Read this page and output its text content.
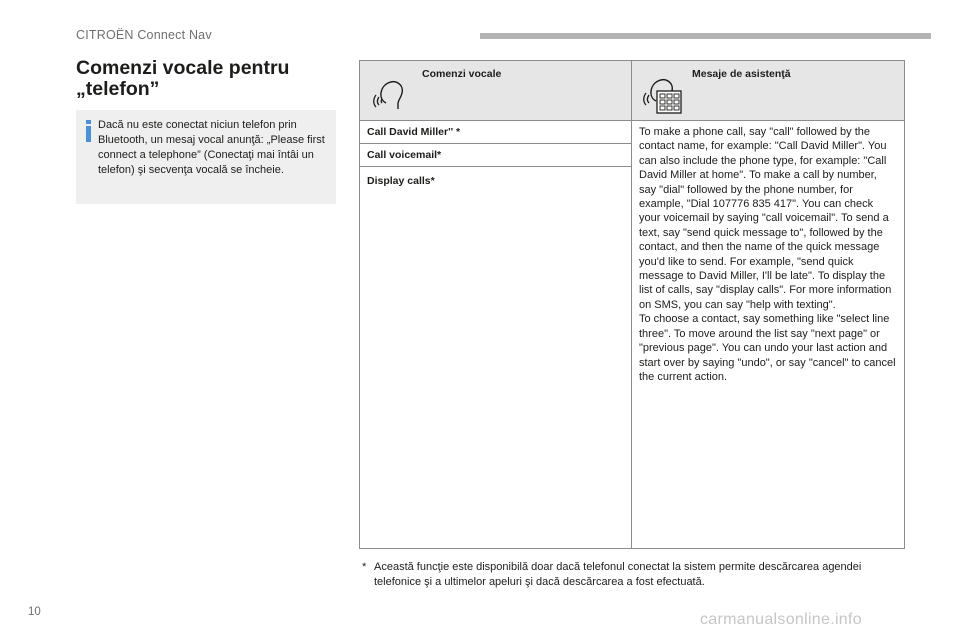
CITROËN Connect Nav
Comenzi vocale pentru
„telefon”
Dacă nu este conectat niciun telefon prin Bluetooth, un mesaj vocal anunţă: „Please first connect a telephone” (Conectaţi mai întâi un telefon) şi secvenţa vocală se încheie.
Comenzi vocale	Mesaje de asistenţă

Call David Miller'' *	To make a phone call, say "call" followed by the contact name, for example: "Call David Miller". You can also include the phone type, for example: "Call David Miller at home". To make a call by number, say "dial" followed by the phone number, for example, "Dial 107776 835 417". You can check your voicemail by saying "call voicemail". To send a text, say "send quick message to", followed by the contact, and then the name of the quick message you'd like to send. For example, "send quick message to David Miller, I'll be late". To display the list of calls, say "display calls". For more information on SMS, you can say "help with texting".
To choose a contact, say something like "select line three". To move around the list say "next page" or "previous page". You can undo your last action and start over by saying "undo", or say "cancel" to cancel the current action.

Call voicemail*	
Display calls*	
* Această funcţie este disponibilă doar dacă telefonul conectat la sistem permite descărcarea agendei telefonice şi a ultimelor apeluri şi dacă descărcarea a fost efectuată.
10	carmanualsonline.info
